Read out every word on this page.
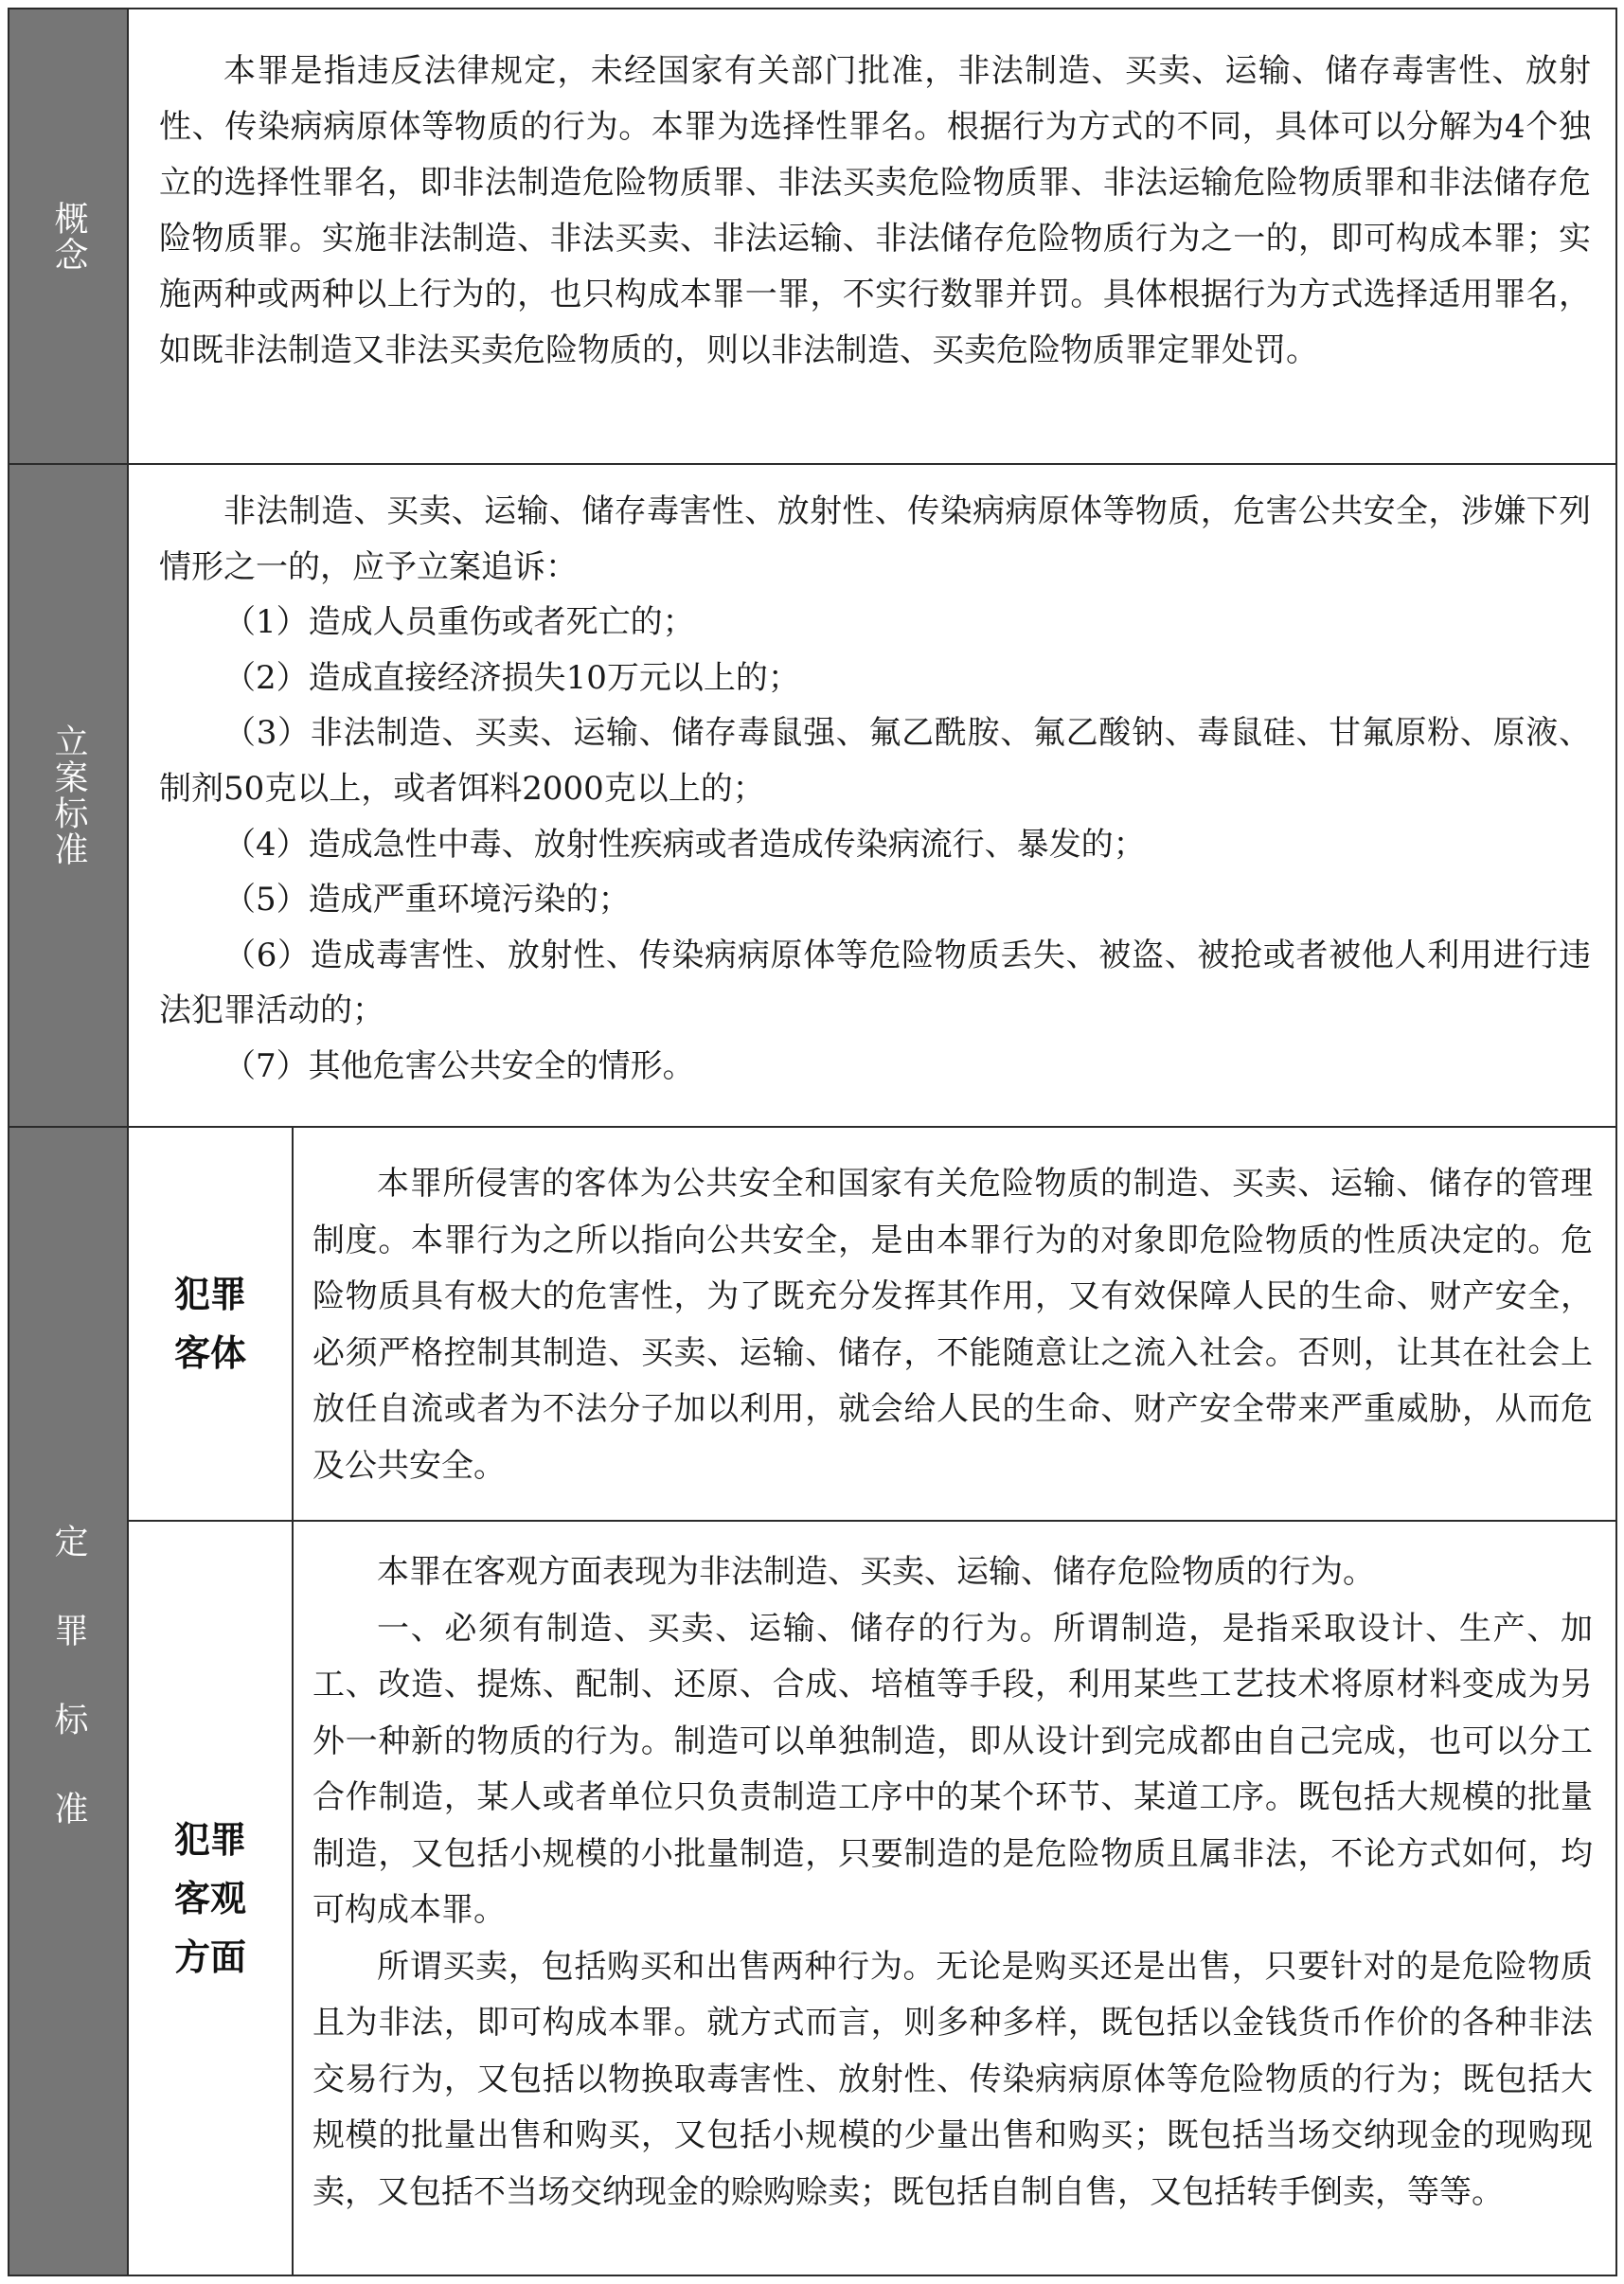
概念

本罪是指违反法律规定，未经国家有关部门批准，非法制造、买卖、运输、储存毒害性、放射性、传染病病原体等物质的行为。本罪为选择性罪名。根据行为方式的不同，具体可以分解为4个独立的选择性罪名，即非法制造危险物质罪、非法买卖危险物质罪、非法运输危险物质罪和非法储存危险物质罪。实施非法制造、非法买卖、非法运输、非法储存危险物质行为之一的，即可构成本罪；实施两种或两种以上行为的，也只构成本罪一罪，不实行数罪并罚。具体根据行为方式选择适用罪名，如既非法制造又非法买卖危险物质的，则以非法制造、买卖危险物质罪定罪处罚。

立案标准

非法制造、买卖、运输、储存毒害性、放射性、传染病病原体等物质，危害公共安全，涉嫌下列情形之一的，应予立案追诉：

（1）造成人员重伤或者死亡的；

（2）造成直接经济损失10万元以上的；

（3）非法制造、买卖、运输、储存毒鼠强、氟乙酰胺、氟乙酸钠、毒鼠硅、甘氟原粉、原液、制剂50克以上，或者饵料2000克以上的；

（4）造成急性中毒、放射性疾病或者造成传染病流行、暴发的；

（5）造成严重环境污染的；

（6）造成毒害性、放射性、传染病病原体等危险物质丢失、被盗、被抢或者被他人利用进行违法犯罪活动的；

（7）其他危害公共安全的情形。

定罪标准
犯罪客体

本罪所侵害的客体为公共安全和国家有关危险物质的制造、买卖、运输、储存的管理制度。本罪行为之所以指向公共安全，是由本罪行为的对象即危险物质的性质决定的。危险物质具有极大的危害性，为了既充分发挥其作用，又有效保障人民的生命、财产安全，必须严格控制其制造、买卖、运输、储存，不能随意让之流入社会。否则，让其在社会上放任自流或者为不法分子加以利用，就会给人民的生命、财产安全带来严重威胁，从而危及公共安全。

犯罪客观方面

本罪在客观方面表现为非法制造、买卖、运输、储存危险物质的行为。

一、必须有制造、买卖、运输、储存的行为。所谓制造，是指采取设计、生产、加工、改造、提炼、配制、还原、合成、培植等手段，利用某些工艺技术将原材料变成为另外一种新的物质的行为。制造可以单独制造，即从设计到完成都由自己完成，也可以分工合作制造，某人或者单位只负责制造工序中的某个环节、某道工序。既包括大规模的批量制造，又包括小规模的小批量制造，只要制造的是危险物质且属非法，不论方式如何，均可构成本罪。

所谓买卖，包括购买和出售两种行为。无论是购买还是出售，只要针对的是危险物质且为非法，即可构成本罪。就方式而言，则多种多样，既包括以金钱货币作价的各种非法交易行为，又包括以物换取毒害性、放射性、传染病病原体等危险物质的行为；既包括大规模的批量出售和购买，又包括小规模的少量出售和购买；既包括当场交纳现金的现购现卖，又包括不当场交纳现金的赊购赊卖；既包括自制自售，又包括转手倒卖，等等。
